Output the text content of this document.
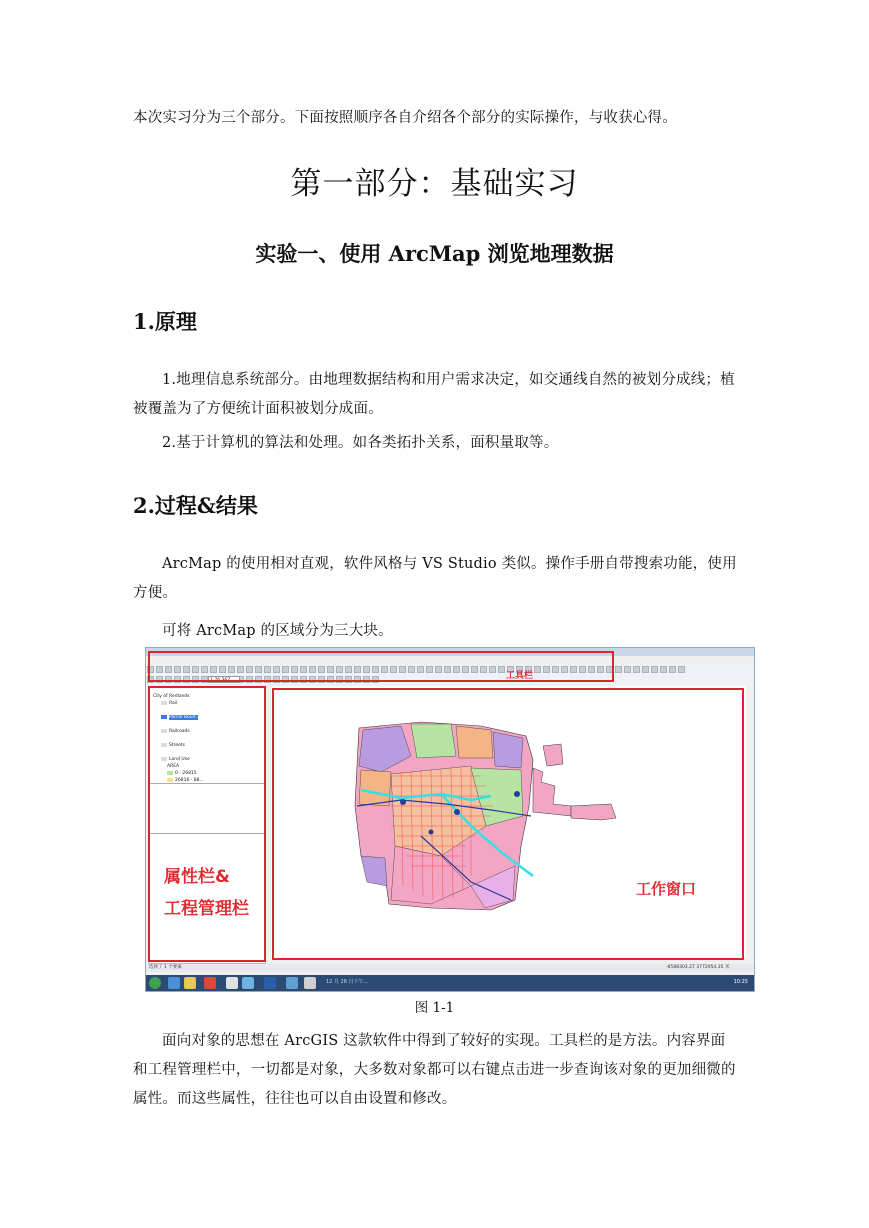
本次实习分为三个部分。下面按照顺序各自介绍各个部分的实际操作，与收获心得。

第一部分：基础实习
实验一、使用 ArcMap 浏览地理数据
1.原理

1.地理信息系统部分。由地理数据结构和用户需求决定，如交通线自然的被划分成线；植被覆盖为了方便统计面积被划分成面。

2.基于计算机的算法和处理。如各类拓扑关系，面积量取等。

2.过程&结果

ArcMap 的使用相对直观，软件风格与 VS Studio 类似。操作手册自带搜索功能，使用方便。

可将 ArcMap 的区域分为三大块。

1:76,367	工具栏
City of Redlands
Rail

Parcel Boun..

Railroads

Streets

Land Use
AREA
0 - 26815
26816 - 88...
属性栏&
工程管理栏
工作窗口
选择了 1 个要素	-6588303.27 3772954.35 米
12 月 28 日下午...	10:25
图 1-1

面向对象的思想在 ArcGIS 这款软件中得到了较好的实现。工具栏的是方法。内容界面和工程管理栏中，一切都是对象，大多数对象都可以右键点击进一步查询该对象的更加细微的属性。而这些属性，往往也可以自由设置和修改。
